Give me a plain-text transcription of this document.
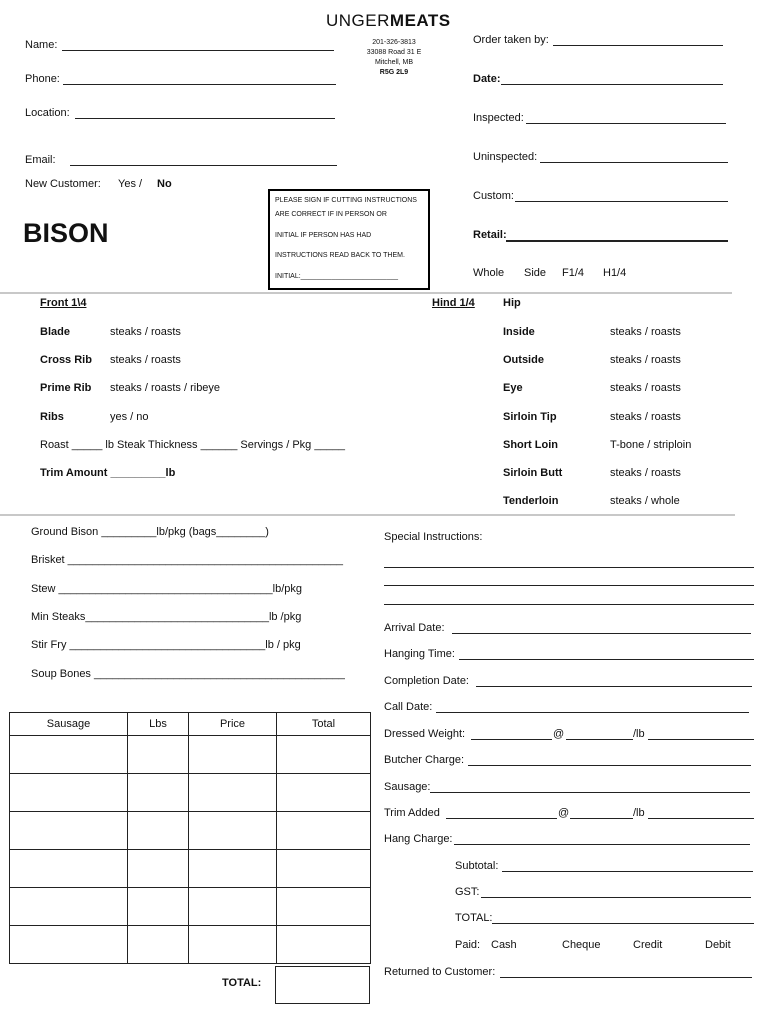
UNGERMEATS
201-326-3813
33088 Road 31 E
Mitchell, MB
R5G 2L9
Name:
Phone:
Location:
Email:
New Customer: Yes / No
BISON
PLEASE SIGN IF CUTTING INSTRUCTIONS
ARE CORRECT IF IN PERSON OR
INITIAL IF PERSON HAS HAD
INSTRUCTIONS READ BACK TO THEM.
INITIAL:_________________________
Order taken by:
Date:
Inspected:
Uninspected:
Custom:
Retail:
Whole Side F1/4 H1/4
Front 1\4
Blade	steaks / roasts
Cross Rib steaks / roasts
Prime Rib steaks / roasts / ribeye
Ribs	yes / no
Roast _____ lb Steak Thickness ______ Servings / Pkg _____
Trim Amount _________lb
Hind 1/4	Hip
Inside	steaks / roasts
Outside	steaks / roasts
Eye	steaks / roasts
Sirloin Tip	steaks / roasts
Short Loin	T-bone / striploin
Sirloin Butt	steaks / roasts
Tenderloin	steaks / whole
Ground Bison _________lb/pkg (bags________)
Brisket _____________________________________________
Stew ___________________________________lb/pkg
Min Steaks______________________________lb /pkg
Stir Fry ________________________________lb / pkg
Soup Bones _________________________________________
Sausage	Lbs	Price	Total

TOTAL:
Special Instructions:
Arrival Date:
Hanging Time:
Completion Date:
Call Date:
Dressed Weight:	@	/lb
Butcher Charge:
Sausage:
Trim Added	@	/lb
Hang Charge:
Subtotal:
GST:
TOTAL:
Paid: Cash	Cheque	Credit	Debit
Returned to Customer:
